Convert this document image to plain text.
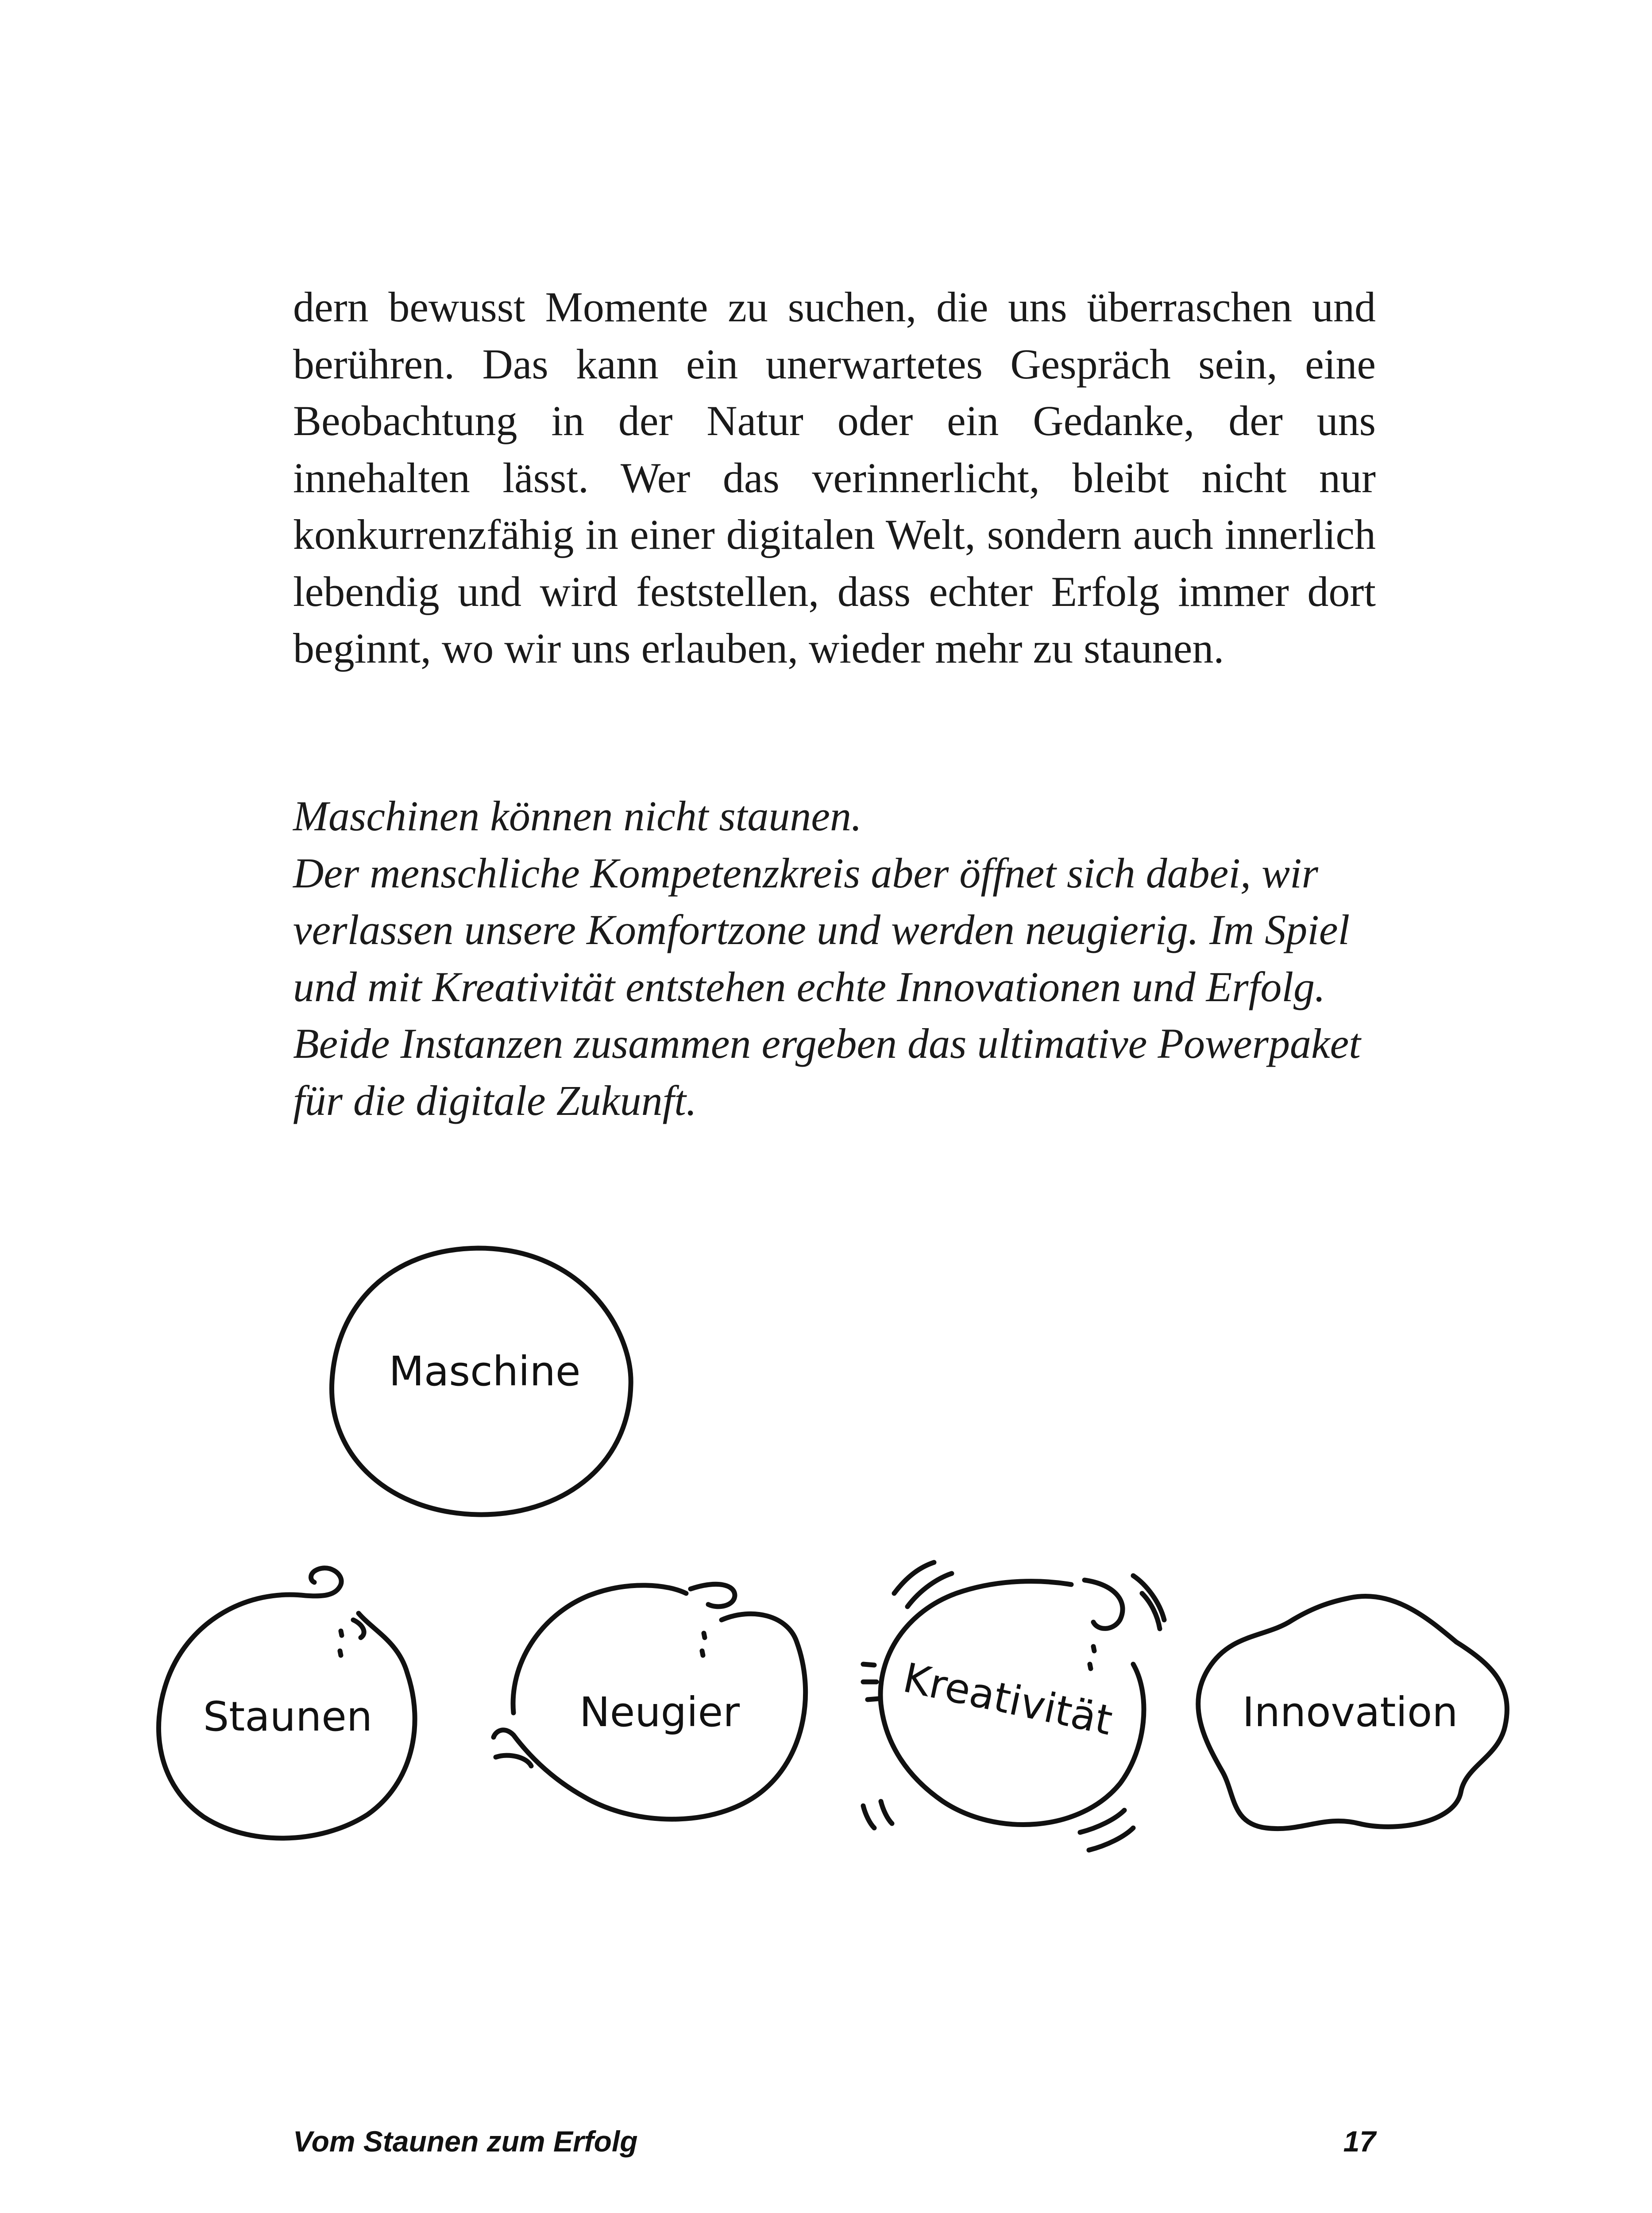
dern bewusst Momente zu suchen, die uns überraschen und berühren. Das kann ein unerwartetes Gespräch sein, eine Beobachtung in der Natur oder ein Gedanke, der uns innehalten lässt. Wer das verinnerlicht, bleibt nicht nur konkurrenzfähig in einer digitalen Welt, sondern auch innerlich lebendig und wird feststellen, dass echter Erfolg immer dort beginnt, wo wir uns erlauben, wieder mehr zu staunen.

Maschinen können nicht staunen.
Der menschliche Kompetenzkreis aber öffnet sich dabei, wir
verlassen unsere Komfortzone und werden neugierig. Im Spiel
und mit Kreativität entstehen echte Innovationen und Erfolg.
Beide Instanzen zusammen ergeben das ultimative Powerpaket
für die digitale Zukunft.
Maschine
Staunen	Neugier	Kreativität	Innovation
Vom Staunen zum Erfolg	17
